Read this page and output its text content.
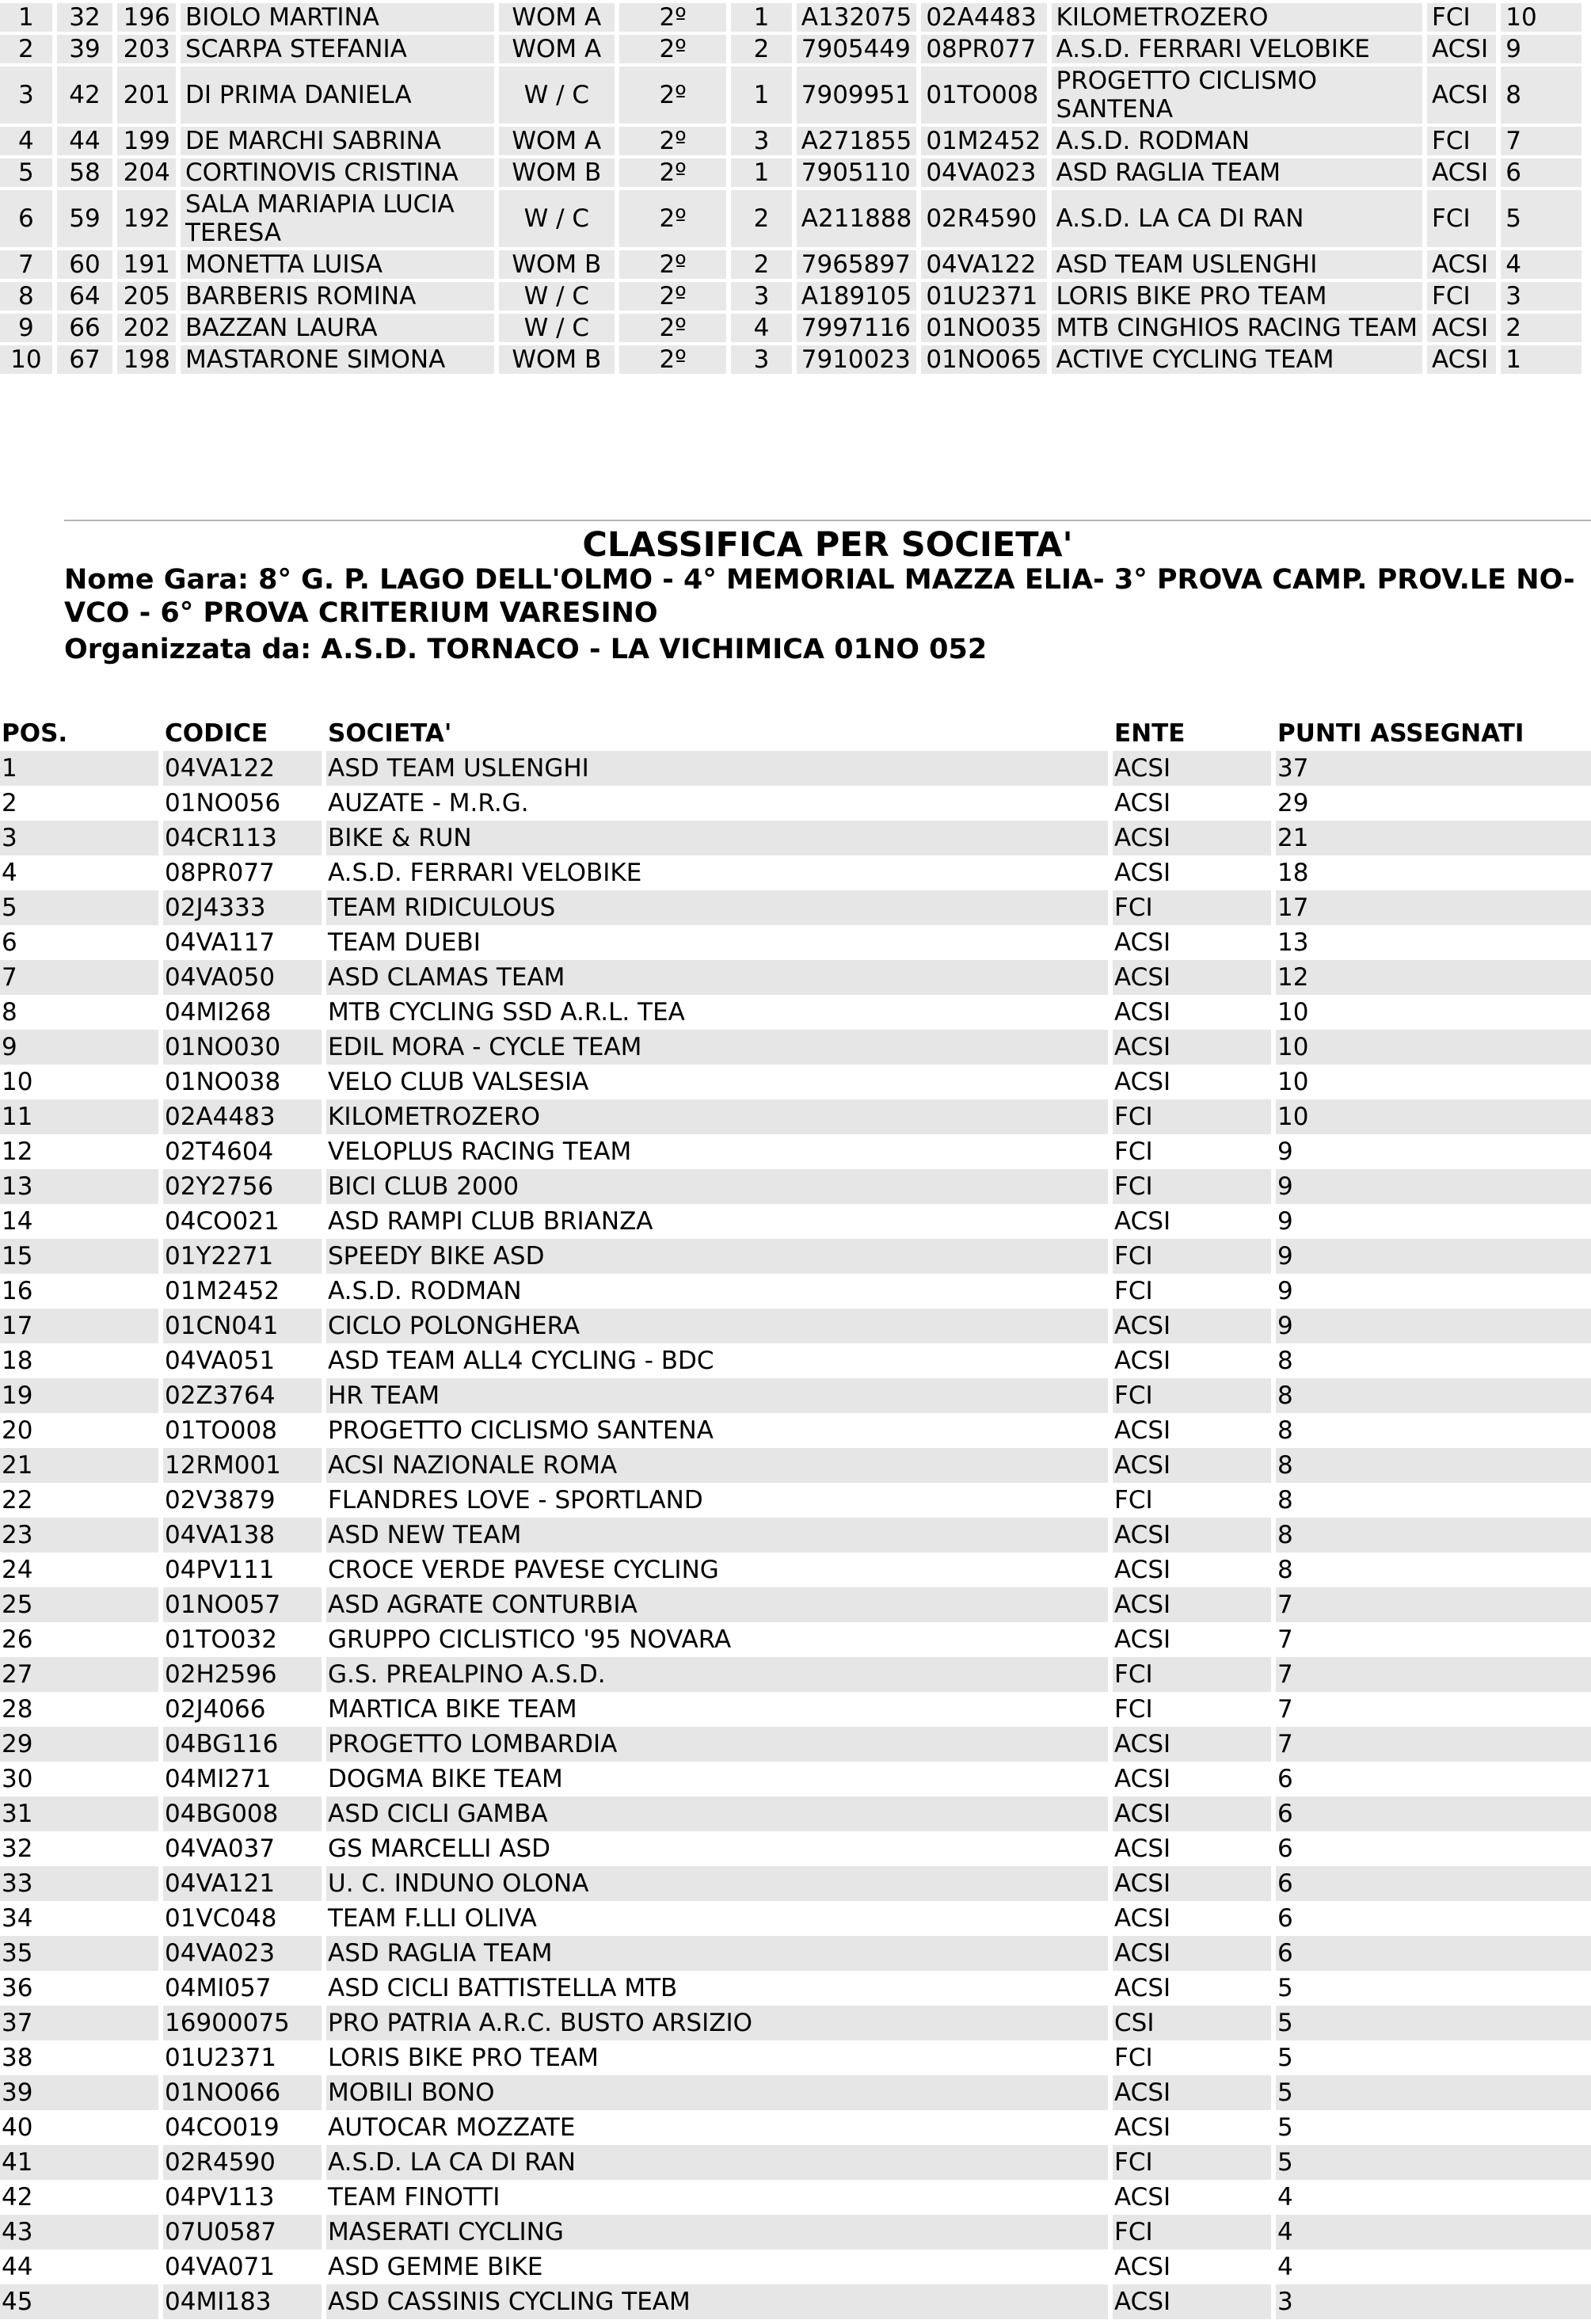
1	32	196	BIOLO MARTINA	WOM A	2º	1	A132075	02A4483	KILOMETROZERO	FCI	10
2	39	203	SCARPA STEFANIA	WOM A	2º	2	7905449	08PR077	A.S.D. FERRARI VELOBIKE	ACSI	9
3	42	201	DI PRIMA DANIELA	W / C	2º	1	7909951	01TO008	PROGETTO CICLISMO SANTENA	ACSI	8
4	44	199	DE MARCHI SABRINA	WOM A	2º	3	A271855	01M2452	A.S.D. RODMAN	FCI	7
5	58	204	CORTINOVIS CRISTINA	WOM B	2º	1	7905110	04VA023	ASD RAGLIA TEAM	ACSI	6
6	59	192	SALA MARIAPIA LUCIA TERESA	W / C	2º	2	A211888	02R4590	A.S.D. LA CA DI RAN	FCI	5
7	60	191	MONETTA LUISA	WOM B	2º	2	7965897	04VA122	ASD TEAM USLENGHI	ACSI	4
8	64	205	BARBERIS ROMINA	W / C	2º	3	A189105	01U2371	LORIS BIKE PRO TEAM	FCI	3
9	66	202	BAZZAN LAURA	W / C	2º	4	7997116	01NO035	MTB CINGHIOS RACING TEAM	ACSI	2
10	67	198	MASTARONE SIMONA	WOM B	2º	3	7910023	01NO065	ACTIVE CYCLING TEAM	ACSI	1
CLASSIFICA PER SOCIETA'
Nome Gara: 8° G. P. LAGO DELL'OLMO - 4° MEMORIAL MAZZA ELIA- 3° PROVA CAMP. PROV.LE NO-VCO - 6° PROVA CRITERIUM VARESINO
Organizzata da: A.S.D. TORNACO - LA VICHIMICA 01NO 052
POS.	CODICE	SOCIETA'	ENTE	PUNTI ASSEGNATI
1	04VA122	ASD TEAM USLENGHI	ACSI	37
2	01NO056	AUZATE - M.R.G.	ACSI	29
3	04CR113	BIKE & RUN	ACSI	21
4	08PR077	A.S.D. FERRARI VELOBIKE	ACSI	18
5	02J4333	TEAM RIDICULOUS	FCI	17
6	04VA117	TEAM DUEBI	ACSI	13
7	04VA050	ASD CLAMAS TEAM	ACSI	12
8	04MI268	MTB CYCLING SSD A.R.L. TEA	ACSI	10
9	01NO030	EDIL MORA - CYCLE TEAM	ACSI	10
10	01NO038	VELO CLUB VALSESIA	ACSI	10
11	02A4483	KILOMETROZERO	FCI	10
12	02T4604	VELOPLUS RACING TEAM	FCI	9
13	02Y2756	BICI CLUB 2000	FCI	9
14	04CO021	ASD RAMPI CLUB BRIANZA	ACSI	9
15	01Y2271	SPEEDY BIKE ASD	FCI	9
16	01M2452	A.S.D. RODMAN	FCI	9
17	01CN041	CICLO POLONGHERA	ACSI	9
18	04VA051	ASD TEAM ALL4 CYCLING - BDC	ACSI	8
19	02Z3764	HR TEAM	FCI	8
20	01TO008	PROGETTO CICLISMO SANTENA	ACSI	8
21	12RM001	ACSI NAZIONALE ROMA	ACSI	8
22	02V3879	FLANDRES LOVE - SPORTLAND	FCI	8
23	04VA138	ASD NEW TEAM	ACSI	8
24	04PV111	CROCE VERDE PAVESE CYCLING	ACSI	8
25	01NO057	ASD AGRATE CONTURBIA	ACSI	7
26	01TO032	GRUPPO CICLISTICO '95 NOVARA	ACSI	7
27	02H2596	G.S. PREALPINO A.S.D.	FCI	7
28	02J4066	MARTICA BIKE TEAM	FCI	7
29	04BG116	PROGETTO LOMBARDIA	ACSI	7
30	04MI271	DOGMA BIKE TEAM	ACSI	6
31	04BG008	ASD CICLI GAMBA	ACSI	6
32	04VA037	GS MARCELLI ASD	ACSI	6
33	04VA121	U. C. INDUNO OLONA	ACSI	6
34	01VC048	TEAM F.LLI OLIVA	ACSI	6
35	04VA023	ASD RAGLIA TEAM	ACSI	6
36	04MI057	ASD CICLI BATTISTELLA MTB	ACSI	5
37	16900075	PRO PATRIA A.R.C. BUSTO ARSIZIO	CSI	5
38	01U2371	LORIS BIKE PRO TEAM	FCI	5
39	01NO066	MOBILI BONO	ACSI	5
40	04CO019	AUTOCAR MOZZATE	ACSI	5
41	02R4590	A.S.D. LA CA DI RAN	FCI	5
42	04PV113	TEAM FINOTTI	ACSI	4
43	07U0587	MASERATI CYCLING	FCI	4
44	04VA071	ASD GEMME BIKE	ACSI	4
45	04MI183	ASD CASSINIS CYCLING TEAM	ACSI	3
